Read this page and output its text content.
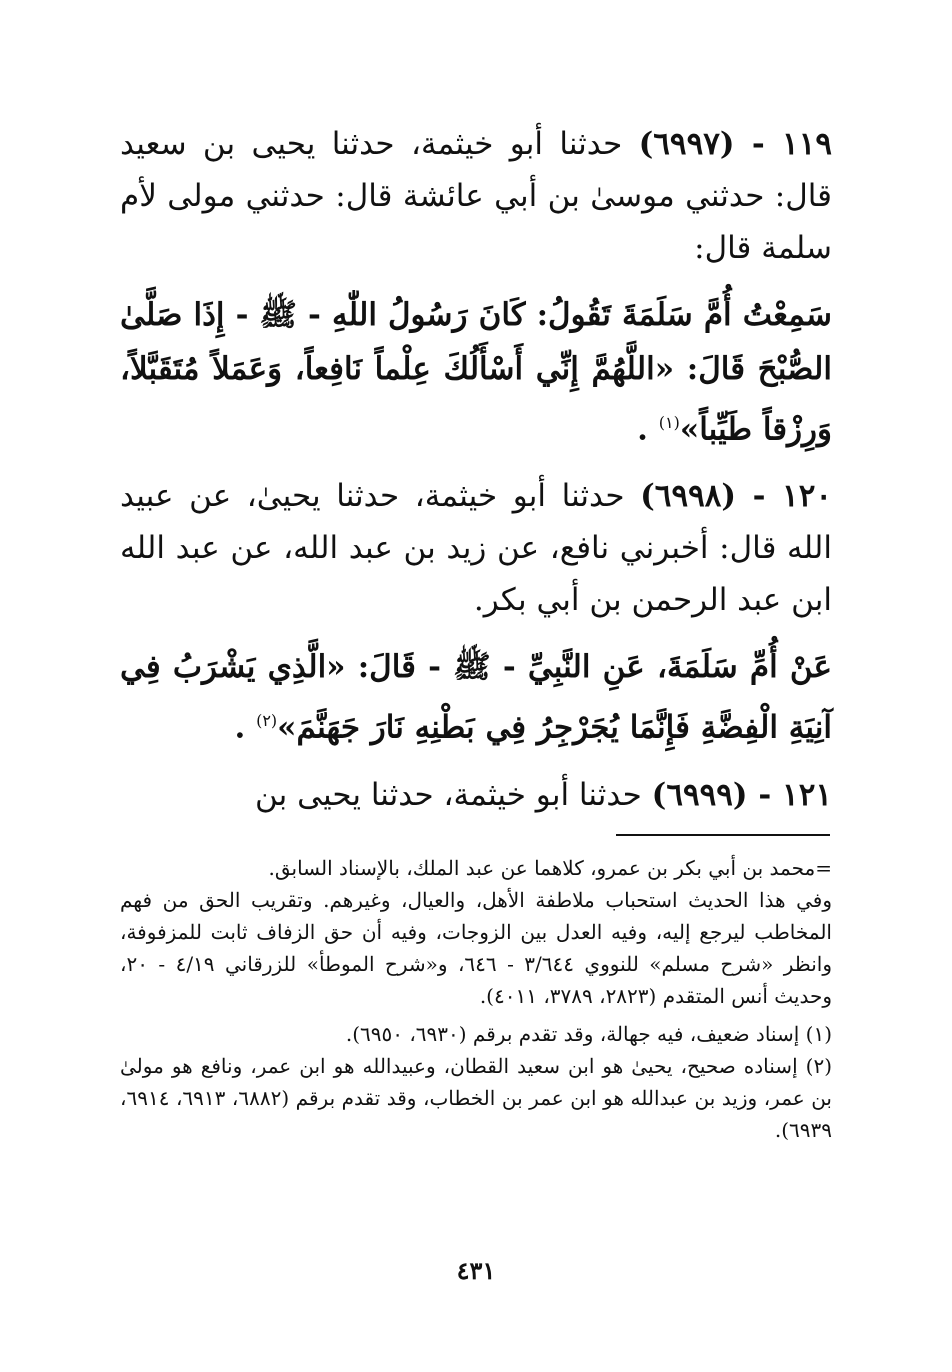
١١٩ - (٦٩٩٧) حدثنا أبو خيثمة، حدثنا يحيى بن سعيد قال: حدثني موسىٰ بن أبي عائشة قال: حدثني مولى لأم سلمة قال:

سَمِعْتُ أُمَّ سَلَمَةَ تَقُولُ: كَانَ رَسُولُ اللّٰهِ - ﷺ - إِذَا صَلَّىٰ الصُّبْحَ قَالَ: «اللَّهُمَّ إِنِّي أَسْأَلُكَ عِلْماً نَافِعاً، وَعَمَلاً مُتَقَبَّلاً، وَرِزْقاً طَيِّباً»$^{(١)}$ .

١٢٠ - (٦٩٩٨) حدثنا أبو خيثمة، حدثنا يحيىٰ، عن عبيد الله قال: أخبرني نافع، عن زيد بن عبد الله، عن عبد الله ابن عبد الرحمن بن أبي بكر.

عَنْ أُمِّ سَلَمَةَ، عَنِ النَّبِيِّ - ﷺ - قَالَ: «الَّذِي يَشْرَبُ فِي آنِيَةِ الْفِضَّةِ فَإِنَّمَا يُجَرْجِرُ فِي بَطْنِهِ نَارَ جَهَنَّمَ»$^{(٢)}$ .

١٢١ - (٦٩٩٩) حدثنا أبو خيثمة، حدثنا يحيى بن

=محمد بن أبي بكر بن عمرو، كلاهما عن عبد الملك، بالإسناد السابق.

وفي هذا الحديث استحباب ملاطفة الأهل، والعيال، وغيرهم. وتقريب الحق من فهم المخاطب ليرجع إليه، وفيه العدل بين الزوجات، وفيه أن حق الزفاف ثابت للمزفوفة، وانظر «شرح مسلم» للنووي ٣/٦٤٤ - ٦٤٦، و«شرح الموطأ» للزرقاني ٤/١٩ - ٢٠، وحديث أنس المتقدم (٢٨٢٣، ٣٧٨٩، ٤٠١١).

(١) إسناد ضعيف، فيه جهالة، وقد تقدم برقم (٦٩٣٠، ٦٩٥٠).

(٢) إسناده صحيح، يحيىٰ هو ابن سعيد القطان، وعبيدالله هو ابن عمر، ونافع هو مولىٰ بن عمر، وزيد بن عبدالله هو ابن عمر بن الخطاب، وقد تقدم برقم (٦٨٨٢، ٦٩١٣، ٦٩١٤، ٦٩٣٩).

٤٣١
